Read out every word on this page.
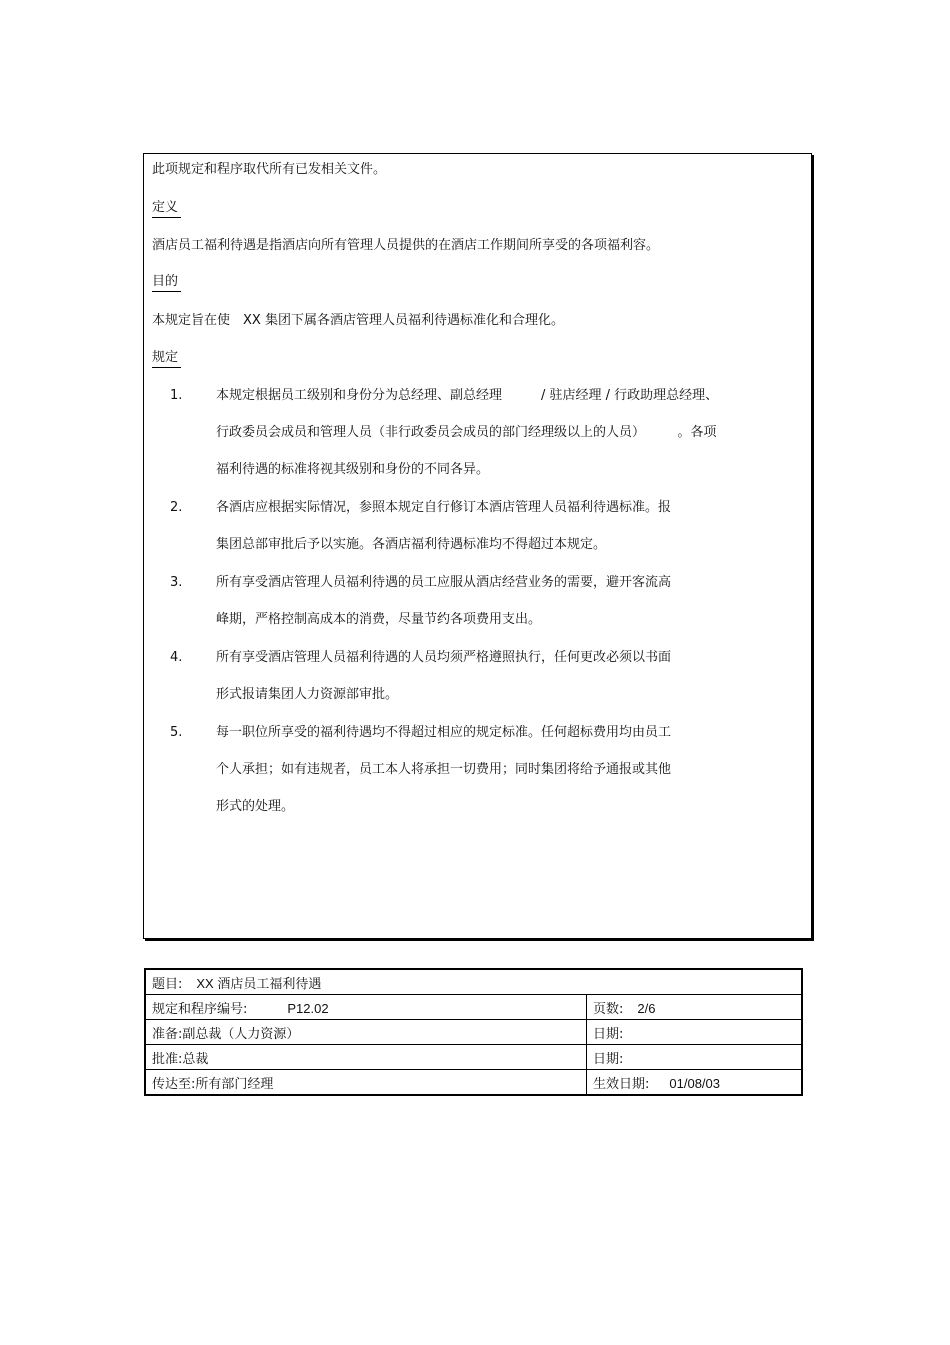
此项规定和程序取代所有已发相关文件。
定义
酒店员工福利待遇是指酒店向所有管理人员提供的在酒店工作期间所享受的各项福利容。
目的
本规定旨在使　XX 集团下属各酒店管理人员福利待遇标准化和合理化。
规定
1.	本规定根据员工级别和身份分为总经理、副总经理　　　/ 驻店经理 / 行政助理总经理、
行政委员会成员和管理人员（非行政委员会成员的部门经理级以上的人员）　　　。各项
福利待遇的标准将视其级别和身份的不同各异。
2.	各酒店应根据实际情况，参照本规定自行修订本酒店管理人员福利待遇标准。报
集团总部审批后予以实施。各酒店福利待遇标准均不得超过本规定。
3.	所有享受酒店管理人员福利待遇的员工应服从酒店经营业务的需要，避开客流高
峰期，严格控制高成本的消费，尽量节约各项费用支出。
4.	所有享受酒店管理人员福利待遇的人员均须严格遵照执行，任何更改必须以书面
形式报请集团人力资源部审批。
5.	每一职位所享受的福利待遇均不得超过相应的规定标准。任何超标费用均由员工
个人承担；如有违规者，员工本人将承担一切费用；同时集团将给予通报或其他
形式的处理。
题目: XX 酒店员工福利待遇	
规定和程序编号: P12.02	页数: 2/6
准备:副总裁（人力资源）	日期:
批准:总裁	日期:
传达至:所有部门经理	生效日期: 01/08/03
